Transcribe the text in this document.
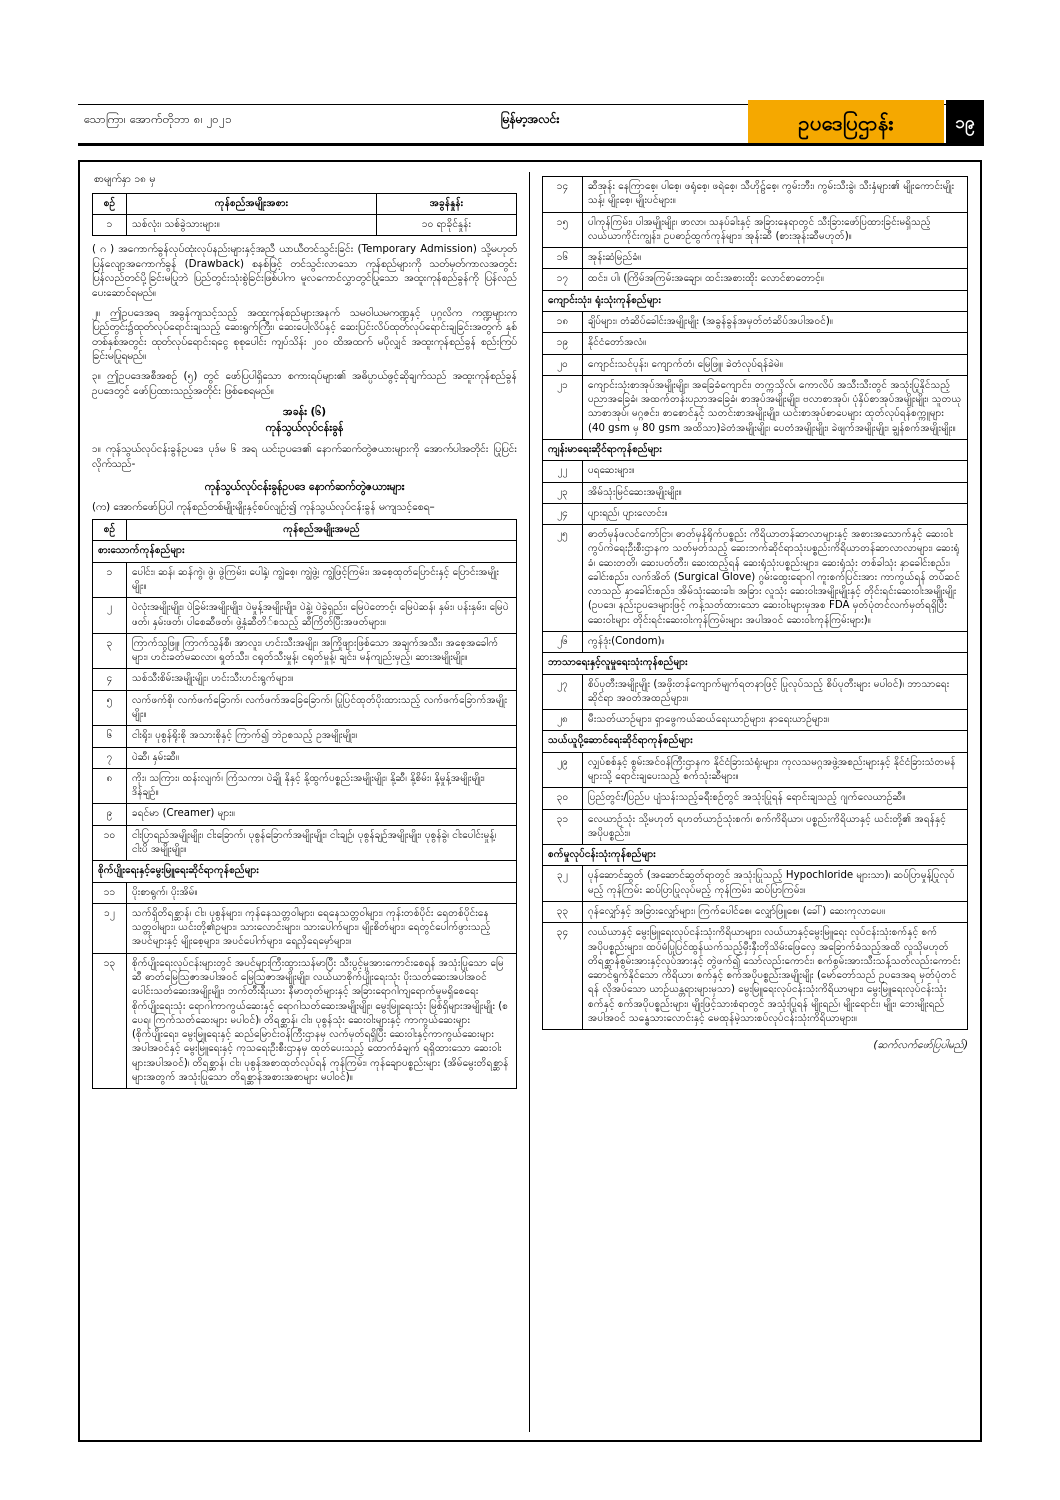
သောကြာ၊ အောက်တိုဘာ ၈၊ ၂၀၂၁	မြန်မာ့အလင်း	ဥပဒေပြဌာန်း	၁၉
စာမျက်နှာ ၁၈ မှ
စဉ်	ကုန်စည်အမျိုးအစား	အခွန်နှုန်း
၁	သစ်လုံး၊ သစ်ခွဲသားများ။	၁၀ ရာခိုင်နှုန်း

( ဂ ) အကောက်ခွန်လုပ်ထုံးလုပ်နည်းများနှင့်အညီ ယာယီတင်သွင်းခြင်း (Temporary Admission) သို့မဟုတ် ပြန်လျော့အကောက်ခွန် (Drawback) စနစ်ဖြင့် တင်သွင်းလာသော ကုန်စည်များကို သတ်မှတ်ကာလအတွင်း ပြန်လည်တင်ပို့ခြင်းမပြုဘဲ ပြည်တွင်းသုံးစွဲခြင်းဖြစ်ပါက မူလကောင်လွှာတွင်ပြုသော အထူးကုန်စည်ခွန်ကို ပြန်လည်ပေးဆောင်ရမည်။

၂။ ဤဥပဒေအရ အခွန်ကျသင့်သည့် အထူးကုန်စည်များအနက် သမဝါယမကဏ္ဍနှင့် ပုဂ္ဂလိက ကဏ္ဍများက ပြည်တွင်း၌ထုတ်လုပ်ရောင်းချသည့် ဆေးရွက်ကြီး၊ ဆေးပေါ့လိပ်နှင့် ဆေးပြင်းလိပ်ထုတ်လုပ်ရောင်းချခြင်းအတွက် နှစ်တစ်နှစ်အတွင်း ထုတ်လုပ်ရောင်းရငွေ စုစုပေါင်း ကျပ်သိန်း ၂၀၀ ထိအထက် မပိုလျှင် အထူးကုန်စည်ခွန် စည်းကြပ်ခြင်းမပြုရမည်။

၃။ ဤဥပဒေအစီအစဉ် (၅) တွင် ဖော်ပြပါရှိသော စကားရပ်များ၏ အဓိပ္ပာယ်ဖွင့်ဆိုချက်သည် အထူးကုန်စည်ခွန်ဥပဒေတွင် ဖော်ပြထားသည့်အတိုင်း ဖြစ်စေရမည်။

အခန်း (၆)
ကုန်သွယ်လုပ်ငန်းခွန်

၁။ ကုန်သွယ်လုပ်ငန်းခွန်ဥပဒေ ပုဒ်မ ၆ အရ ယင်းဥပဒေ၏ နောက်ဆက်တွဲဇယားများကို အောက်ပါအတိုင်း ပြုပြင်းလိုက်သည်-

ကုန်သွယ်လုပ်ငန်းခွန်ဥပဒေ နောက်ဆက်တွဲဇယားများ

(က) အောက်ဖော်ပြပါ ကုန်စည်တစ်မျိုးမျိုးနှင့်စပ်လျဉ်း၍ ကုန်သွယ်လုပ်ငန်းခွန် မကျသင့်စေရ–

စဉ်	ကုန်စည်အမျိုးအမည်
စားသောက်ကုန်စည်များ	
၁	ပေါင်း၊ ဆန်၊ ဆန်ကွဲ၊ ဖွဲ၊ ဖွဲကြမ်း၊ ပေါနှဲ့၊ ကျွဲစေ့၊ ကျွဲဖွဲ့၊ ကျွဲဖြင့်ကြမ်း၊ အစေ့ထုတ်ပြောင်းနှင့် ပြောင်းအမျိုးမျိုး။
၂	ပဲလုံးအမျိုးမျိုး၊ ပဲခြမ်းအမျိုးမျိုး၊ ပဲမှုန့်အမျိုးမျိုး၊ ပဲနွဲ့၊ ပဲခွဲရှည်း၊ မြေပဲတောင့်၊ မြေပဲဆန်၊ နှမ်း၊ ပန်းနှမ်း၊ မြေပဲဖတ်၊ နှမ်းဖတ်၊ ပါစေဆီဖတ်၊ ဖွဲ့နှံဆီတိ်စသည့် ဆီကြိတ်ပြီးအဖတ်များ။
၃	ကြာက်သွဖြူ၊ ကြာက်သွန်စီ၊ အာလူး၊ ဟင်းသီးအမျိုး၊ အကြိုဖျားဖြစ်သော အချက်အသီး၊ အစေ့အခေါက်များ၊ ဟင်းခတ်မဆလာ၊ ရှုတ်သီး၊ ငရုတ်သီးမှုန့်၊ ငရုတ်မှုန့်၊ ချင်း၊ မန်ကျည်းမှည့်၊ ဆားအမျိုးမျိုး။
၄	သစ်သီးစိမ်းအမျိုးမျိုး၊ ဟင်းသီးဟင်းရွက်များ။
၅	လက်ဖက်စို၊ လက်ဖက်ခြောက်၊ လက်ဖက်အခြေခြောက်၊ ပြုပြင်ထုတ်ပိုးထားသည့် လက်ဖက်ခြောက်အမျိုးမျိုး။
၆	ငါးရိုး၊ ပုစွန်ရိုးစို အသားစိုနှင့် ကြာက်၍ ဘဲဥစသည့် ဥအမျိုးမျိုး။
၇	ပဲဆီ၊ နှမ်းဆီ။
၈	ကိုး၊ သကြား၊ ထန်းလျက်၊ ကြံသကာ၊ ပဲချို နိုနှင့် နို့ထွက်ပစ္စည်းအမျိုးမျိုး၊ နို့ဆီ၊ နို့စိမ်း၊ နို့မှုန့်အမျိုးမျိုး၊ ဒိန်ချဉ်။
၉	ခရင်မာ (Creamer) များ။
၁၀	ငါးပြာရည်အမျိုးမျိုး၊ ငါးခြောက်၊ ပုစွန်ခြောက်အမျိုးမျိုး၊ ငါးချဉ်၊ ပုစွန်ချဉ်အမျိုးမျိုး၊ ပုစွန်ခွဲ၊ ငါးပေါင်းမှုန့်၊ ငါးပိ အမျိုးမျိုး။
စိုက်ပျိုးရေးနှင့်မွေးမြူရေးဆိုင်ရာကုန်စည်များ	
၁၁	ပိုးစာရွက်၊ ပိုးအိမ်။
၁၂	သက်ရှိတိရစ္ဆာန်၊ ငါး၊ ပုစွန်များ၊ ကုန်နေသတ္တဝါများ၊ ရေနေသတ္တဝါများ၊ ကုန်းတစ်ပိုင်း ရေတစ်ပိုင်းနေသတ္တဝါများ၊ ယင်းတို့၏ဥများ၊ သားလောင်းများ၊ သားပေါက်များ၊ မျိုးစိတ်များ၊ ရေတွင်ပေါက်ဖွားသည့် အပင်များနှင့် မျိုးစေ့များ၊ အပင်ပေါက်များ၊ ရေညှိရေမှော်များ။
၁၃	စိုက်ပျိုးရေးလုပ်ငန်းများတွင် အပင်များကြီးထွားသန်မာပြီး သီးပွင့်မှုအားကောင်းစေရန် အသုံးပြုသော မြေဆီ ဓာတ်မြေသြဇာအပါအဝင် မြေသြဇာအမျိုးမျိုး၊ လယ်ယာစိုက်ပျိုးရေးသုံး ပိုးသတ်ဆေးအပါအဝင် ပေါင်းသတ်ဆေးအမျိုးမျိုး၊ ဘက်တီးရီးယား နီမာတုတ်များနှင့် အခြားရောဂါကျရောက်မှုမရှိစေရေး စိုက်ပျိုးရေးသုံး ရောဂါကာကွယ်ဆေးနှင့် ရောဂါသတ်ဆေးအမျိုးမျိုး၊ မွေးမြူရေးသုံး မြစ်ရှိများအမျိုးမျိုး (စပေရ၊ ကြက်သတ်ဆေးများ မပါဝင်)၊ တိရစ္ဆာန်၊ ငါး၊ ပုစွန်သုံး ဆေးဝါးများနှင့် ကာကွယ်ဆေးများ (စိုက်ပျိုးရေး၊ မွေးမြူရေးနှင့် ဆည်မြောင်းဝန်ကြီးဌာနမှ လက်မှတ်ရရှိပြီး ဆေးဝါးနှင့်ကာကွယ်ဆေးများ အပါအဝင်နှင့် မွေးမြူရေးနှင့် ကုသရေးဦးစီးဌာနမှ ထုတ်ပေးသည့် ထောက်ခံချက် ရရှိထားသော ဆေးဝါးများအပါအဝင်)၊ တိရစ္ဆာန်၊ ငါး၊ ပုစွန်အစာထုတ်လုပ်ရန် ကုန်ကြမ်း၊ ကုန်ချောပစ္စည်းများ (အိမ်မွေးတိရစ္ဆာန်များအတွက် အသုံးပြုသော တိရစ္ဆာန်အစားအစာများ မပါဝင်)။
၁၄	ဆီအုန်း နေကြာစေ့၊ ပါစေ့၊ ဖရုံစေ့၊ ဖရဲစေ့၊ သီဟိုဠ်စေ့၊ ကွမ်းဘီး၊ ကွမ်းသီးခွဲ၊ သီးနှံများ၏ မျိုးကောင်းမျိုးသန့်၊ မျိုးစေ့၊ မျိုးပင်များ။
၁၅	ပါကုန်ကြမ်း၊ ပါအမျိုးမျိုး၊ ဖာလာ၊ သနပ်ခါးနှင့် အခြားနေရာတွင် သီးခြားဖော်ပြထားခြင်းမရှိသည့် လယ်ယာကိုင်းကျွန်း၊ ဥပဓာဉ်ထွက်ကုန်များ၊ အုန်းဆီ (စားအုန်းဆီမဟုတ်)။
၁၆	အုန်းဆံမြည်ခံ။
၁၇	ထင်း၊ ပါ၊ (ကြိမ်အကြမ်းအချော၊ ထင်းအစားထိုး လောင်စာတောင့်။
ကျောင်းသုံး၊ ရုံးသုံးကုန်စည်များ	
၁၈	ချိပ်များ၊ တံဆိပ်ခေါင်းအမျိုးမျိုး (အခွန်ခွန်အမှတ်တံဆိပ်အပါအဝင်)။
၁၉	နိုင်ငံတော်အလံ။
၂၀	ကျောင်းသင်ပုန်း၊ ကျောက်တံ၊ မြေဖြူ၊ ခဲတံလုပ်ရန်ခဲမဲ။
၂၁	ကျောင်းသုံးစာအုပ်အမျိုးမျိုး၊ အခြေခံကျောင်း၊ တက္ကသိုလ်၊ ကောလိပ် အသီးသီးတွင် အသုံးပြုနိုင်သည့် ပညာအခြေခံ၊ အထက်တန်းပညာအခြေခံ၊ စာအုပ်အမျိုးမျိုး၊ ဗလာစာအုပ်၊ ပုံနှိပ်စာအုပ်အမျိုးမျိုး၊ သူတယုသာစာအုပ်၊ မဂ္ဂဇင်း၊ စာစောင်နှင့် သတင်းစာအမျိုးမျိုး၊ ယင်းစာအုပ်စာပေများ ထုတ်လုပ်ရန်စက္ကူများ (40 gsm မှ 80 gsm အထိသာ)ခဲတံအမျိုးမျိုး၊ ပေတံအမျိုးမျိုး၊ ခဲဖျက်အမျိုးမျိုး၊ ချွန်စက်အမျိုးမျိုး။
ကျန်းမာရေးဆိုင်ရာကုန်စည်များ	
၂၂	ပရဆေးများ။
၂၃	အိမ်သုံးမြင်ဆေးအမျိုးမျိုး။
၂၄	ပျားရည်၊ ပျားလောင်း။
၂၅	ဓာတ်မှန်ဖလင်ကော်ငြာ၊ ဓာတ်မှန်ရိုက်ပစ္စည်း ကိရိယာတန်ဆာလာများနှင့် အစားအသောက်နှင့် ဆေးဝါးကွပ်ကဲရေးဦးစီးဌာနက သတ်မှတ်သည့် ဆေးဘက်ဆိုင်ရာသုံးပစ္စည်းကိရိယာတန်ဆာလာလာများ၊ ဆေးရုံခံ၊ ဆေးတတိ၊ ဆေးပတ်တီး၊ ဆေးထည့်ရန် ဆေးရုံသုံးပစ္စည်းများ၊ ဆေးရုံသုံး တစ်ခါသုံး နှာခေါင်းစည်း၊ ခေါင်းစည်း၊ လက်အိတ် (Surgical Glove) ဂွမ်းထွေးရောဂါ ကူးစက်ပြင်းအား ကာကွယ်ရန် တပ်ဆင်လာသည် နှာခေါင်းစည်း၊ အိမ်သုံးဆေးခါး၊ အခြား လူသုံး ဆေးဝါးအမျိုးမျိုးနှင့် တိုင်းရင်းဆေးဝါးအမျိုးမျိုး (ဥပဒေ၊ နည်းဥပဒေများဖြင့် ကန့်သတ်ထားသော ဆေးဝါးများမှအစ FDA မှတ်ပုံတင်လက်မှတ်ရရှိပြီး ဆေးဝါးများ တိုင်းရင်းဆေးဝါးကုန်ကြမ်းများ အပါအဝင် ဆေးဝါးကုန်ကြမ်းများ)။
၂၆	ကွန်ဒုံး(Condom)။
ဘာသာရေးနှင့်လူမှုရေးသုံးကုန်စည်များ	
၂၇	စိပ်ပုတီးအမျိုးမျိုး (အဖိုးတန်ကျောက်မျက်ရတနာဖြင့် ပြုလုပ်သည့် စိပ်ပုတီးများ မပါဝင်)၊ ဘာသာရေးဆိုင်ရာ အဝတ်အထည်များ။
၂၈	မီးသတ်ယာဉ်များ၊ ရှာဖွေကယ်ဆယ်ရေးယာဉ်များ၊ နာရေးယာဉ်များ။
သယ်ယူပို့ဆောင်ရေးဆိုင်ရာကုန်စည်များ	
၂၉	လျှပ်စစ်နှင့် စွမ်းအင်ဝန်ကြီးဌာနက နိုင်ငံခြားသံရုံးများ၊ ကုလသမဂ္ဂအဖွဲ့အစည်းများနှင့် နိုင်ငံခြားသံတမန်များသို့ ရောင်းချပေးသည့် စက်သုံးဆီများ။
၃၀	ပြည်တွင်း/ပြည်ပ ပျံသန်းသည့်ခရီးစဉ်တွင် အသုံးပြုရန် ရောင်းချသည့် ဂျက်လေယာဉ်ဆီ။
၃၁	လေယာဉ်သုံး သို့မဟုတ် ရဟတ်ယာဉ်သုံးစက်၊ စက်ကိရိယာ၊ ပစ္စည်းကိရိယာနှင့် ယင်းတို့၏ အရန်နှင့် အပိုပစ္စည်း။
စက်မှုလုပ်ငန်းသုံးကုန်စည်များ	
၃၂	ပုန်ဆောင်ဆွတ် (အဆောင်ဆွတ်ရာတွင် အသုံးပြုသည့် Hypochloride များသာ)၊ ဆပ်ပြာမှုန့်ပြုလုပ်မည့် ကုန်ကြမ်း ဆပ်ပြာပြုလုပ်မည့် ကုန်ကြမ်း၊ ဆပ်ပြာကြမ်း။
၃၃	ဂုန်လျှော်နှင့် အခြားလျှော်များ၊ ကြက်ပေါင်စေ၊ လျှော်ဖြူစေ၊ (ခေါ်) ဆေးကုလာပေ။
၃၄	လယ်ယာနှင့် မွေးမြူရေးလုပ်ငန်းသုံးကိရိယာများ၊ လယ်ယာနှင့်မွေးမြူရေး လုပ်ငန်းသုံးစက်နှင့် စက်အပိုပစ္စည်းများ၊ ထပ်မံပြုပြင်ထွန်ယက်သည့်မှီးနှီးတိုသိမ်းဖြေလှေ အခြောက်ခံသည့်အထိ လူသိုမဟုတ် တိရစ္ဆာန်စွမ်းအားနှင့်လုပ်အားနှင့် တွဲဖက်၍ သော်လည်းကောင်း၊ စက်စွမ်းအားသီးသန့်သတ်လည်းကောင်း ဆောင်ရွက်နိုင်သော ကိရိယာ၊ စက်နှင့် စက်အပိုပစ္စည်းအမျိုးမျိုး (မော်တော်သည် ဥပဒေအရ မှတ်ပုံတင်ရန် လိုအပ်သော ယာဉ်ယန္တရားများမှသာ) မွေးမြူရေးလုပ်ငန်းသုံးကိရိယာများ၊ မွေးမြူရေးလုပ်ငန်းသုံးစက်နှင့် စက်အပိုပစ္စည်းများ၊ မျိုးဖြင့်သားစံရာတွင် အသုံးပြုရန် မျိုးရည်၊ မျိုးရောင်း၊ မျိုး၊ ဘေးမျိုးရည်အပါအဝင် သန္ဓေသားလောင်းနှင့် မေထုန်မဲ့သားစပ်လုပ်ငန်းသုံးကိရိယာများ။
(ဆက်လက်ဖော်ပြပါမည်)
